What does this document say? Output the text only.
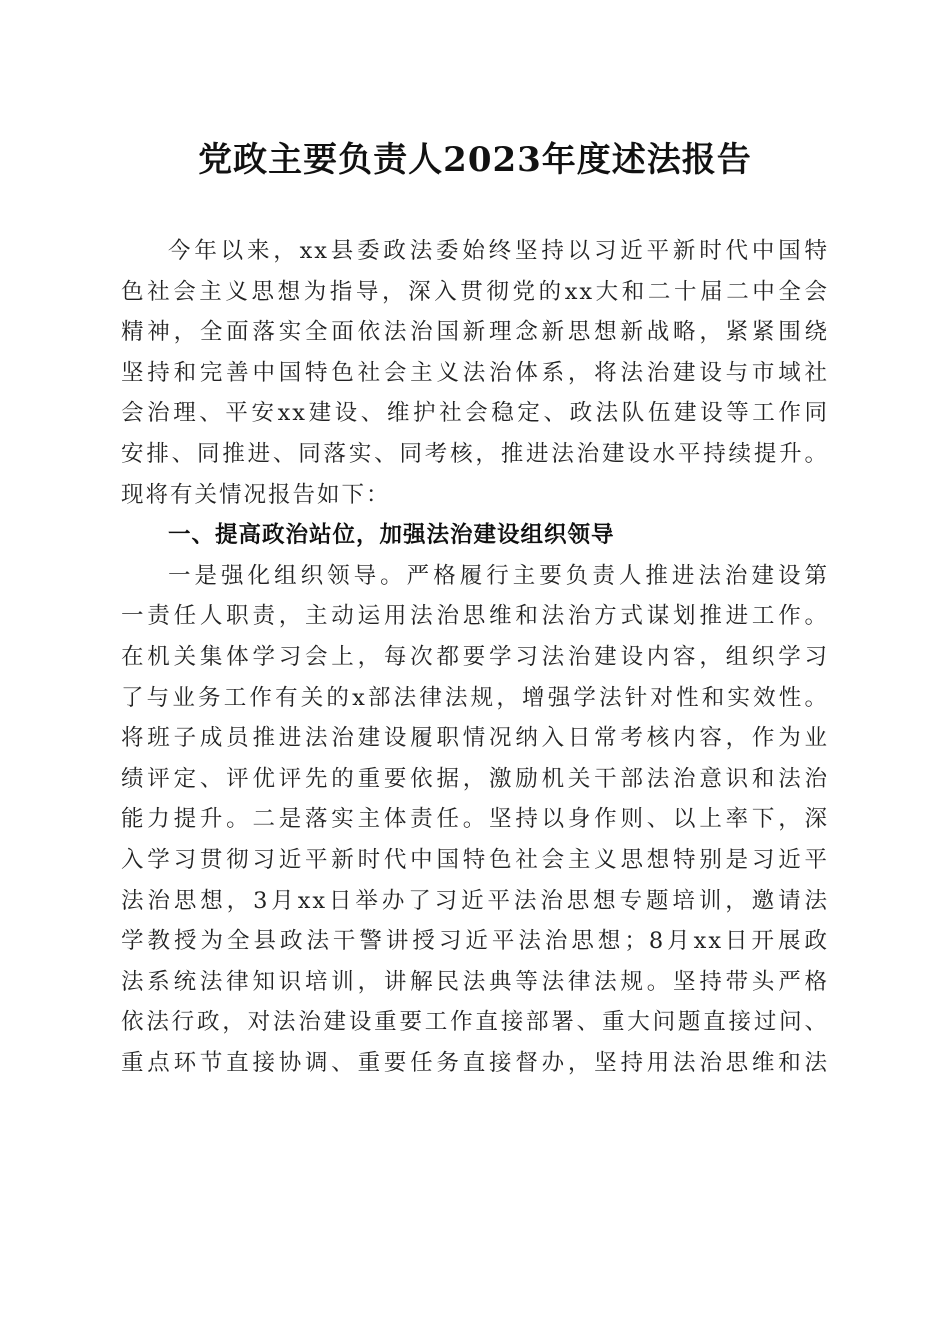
党政主要负责人2023年度述法报告
今年以来，xx县委政法委始终坚持以习近平新时代中国特
色社会主义思想为指导，深入贯彻党的xx大和二十届二中全会
精神，全面落实全面依法治国新理念新思想新战略，紧紧围绕
坚持和完善中国特色社会主义法治体系，将法治建设与市域社
会治理、平安xx建设、维护社会稳定、政法队伍建设等工作同
安排、同推进、同落实、同考核，推进法治建设水平持续提升。
现将有关情况报告如下：
一、提高政治站位，加强法治建设组织领导
一是强化组织领导。严格履行主要负责人推进法治建设第
一责任人职责，主动运用法治思维和法治方式谋划推进工作。
在机关集体学习会上，每次都要学习法治建设内容，组织学习
了与业务工作有关的x部法律法规，增强学法针对性和实效性。
将班子成员推进法治建设履职情况纳入日常考核内容，作为业
绩评定、评优评先的重要依据，激励机关干部法治意识和法治
能力提升。二是落实主体责任。坚持以身作则、以上率下，深
入学习贯彻习近平新时代中国特色社会主义思想特别是习近平
法治思想，3月xx日举办了习近平法治思想专题培训，邀请法
学教授为全县政法干警讲授习近平法治思想；8月xx日开展政
法系统法律知识培训，讲解民法典等法律法规。坚持带头严格
依法行政，对法治建设重要工作直接部署、重大问题直接过问、
重点环节直接协调、重要任务直接督办，坚持用法治思维和法
